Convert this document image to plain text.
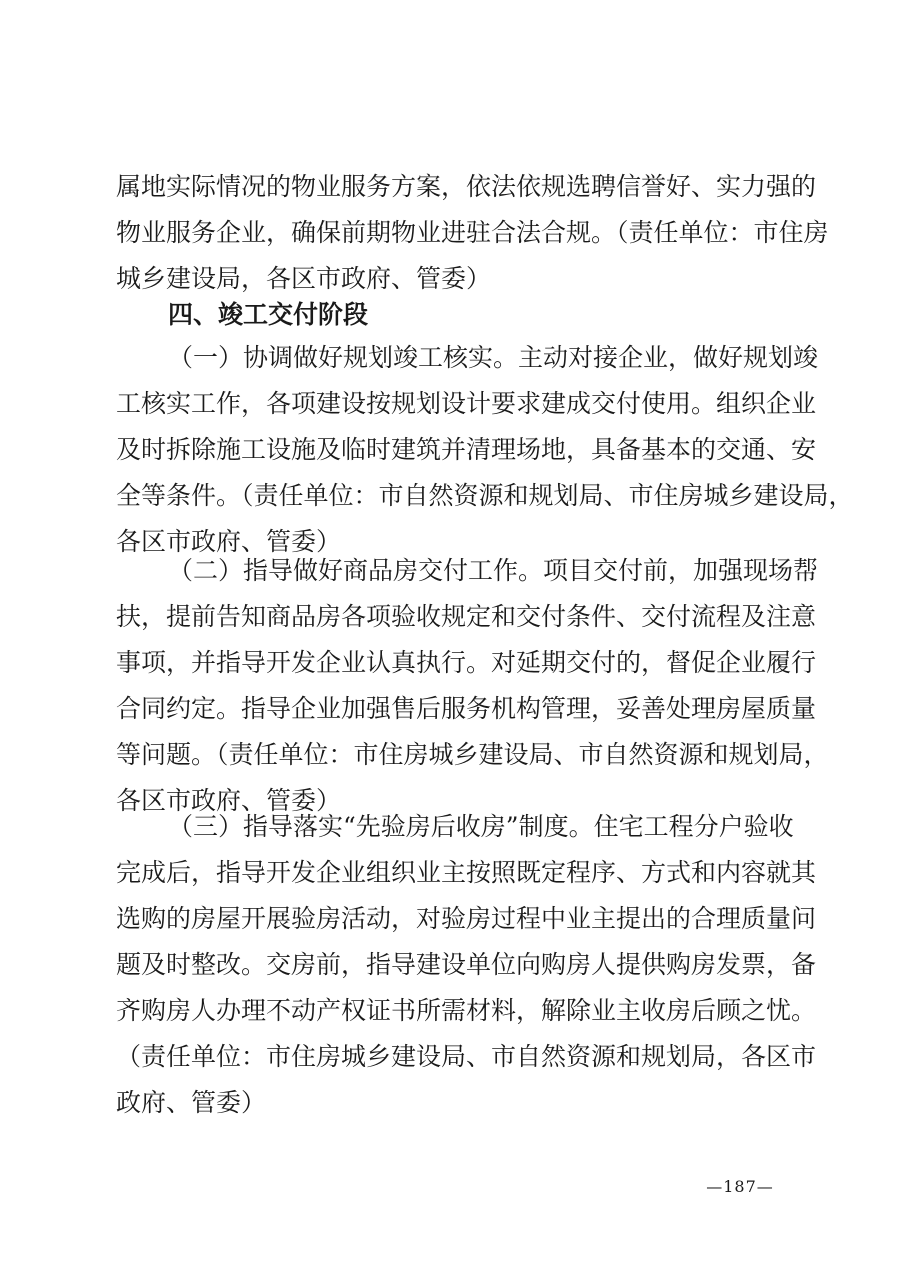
属地实际情况的物业服务方案，依法依规选聘信誉好、实力强的
物业服务企业，确保前期物业进驻合法合规。（责任单位：市住房
城乡建设局，各区市政府、管委）
四、竣工交付阶段
（一）协调做好规划竣工核实。主动对接企业，做好规划竣
工核实工作，各项建设按规划设计要求建成交付使用。组织企业
及时拆除施工设施及临时建筑并清理场地，具备基本的交通、安
全等条件。（责任单位：市自然资源和规划局、市住房城乡建设局，
各区市政府、管委）
（二）指导做好商品房交付工作。项目交付前，加强现场帮
扶，提前告知商品房各项验收规定和交付条件、交付流程及注意
事项，并指导开发企业认真执行。对延期交付的，督促企业履行
合同约定。指导企业加强售后服务机构管理，妥善处理房屋质量
等问题。（责任单位：市住房城乡建设局、市自然资源和规划局，
各区市政府、管委）
（三）指导落实“先验房后收房”制度。住宅工程分户验收
完成后，指导开发企业组织业主按照既定程序、方式和内容就其
选购的房屋开展验房活动，对验房过程中业主提出的合理质量问
题及时整改。交房前，指导建设单位向购房人提供购房发票，备
齐购房人办理不动产权证书所需材料，解除业主收房后顾之忧。
（责任单位：市住房城乡建设局、市自然资源和规划局，各区市
政府、管委）
—187—
